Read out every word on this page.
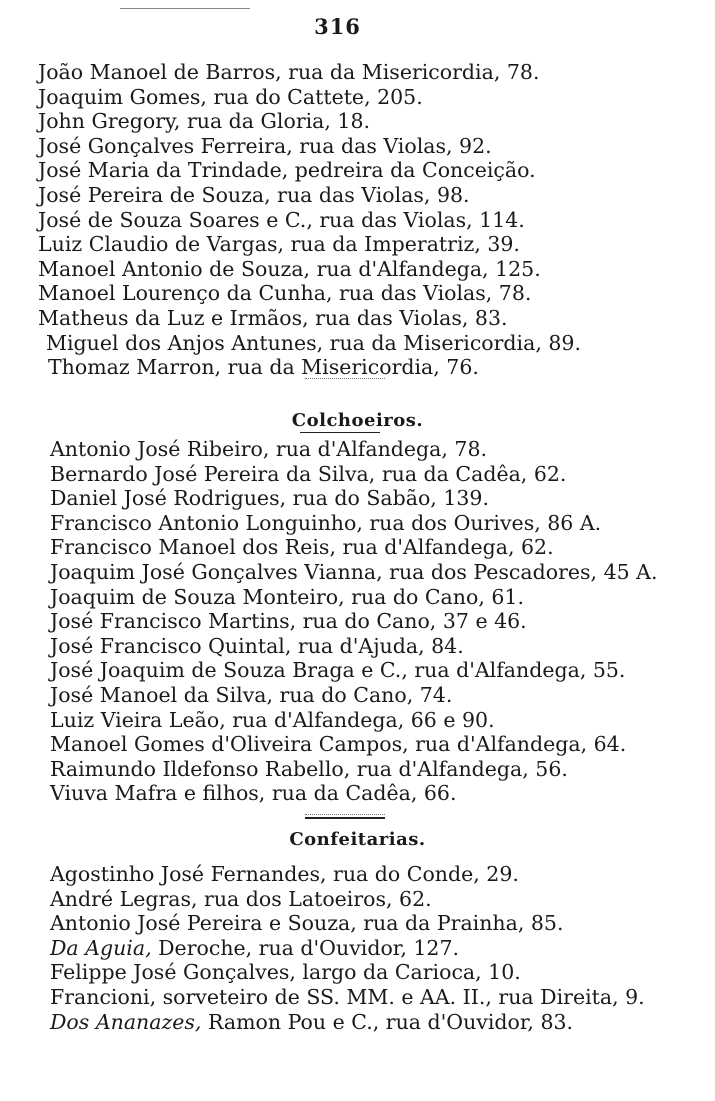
316
João Manoel de Barros, rua da Misericordia, 78.
Joaquim Gomes, rua do Cattete, 205.
John Gregory, rua da Gloria, 18.
José Gonçalves Ferreira, rua das Violas, 92.
José Maria da Trindade, pedreira da Conceição.
José Pereira de Souza, rua das Violas, 98.
José de Souza Soares e C., rua das Violas, 114.
Luiz Claudio de Vargas, rua da Imperatriz, 39.
Manoel Antonio de Souza, rua d'Alfandega, 125.
Manoel Lourenço da Cunha, rua das Violas, 78.
Matheus da Luz e Irmãos, rua das Violas, 83.
Miguel dos Anjos Antunes, rua da Misericordia, 89.
Thomaz Marron, rua da Misericordia, 76.
Colchoeiros.
Antonio José Ribeiro, rua d'Alfandega, 78.
Bernardo José Pereira da Silva, rua da Cadêa, 62.
Daniel José Rodrigues, rua do Sabão, 139.
Francisco Antonio Longuinho, rua dos Ourives, 86 A.
Francisco Manoel dos Reis, rua d'Alfandega, 62.
Joaquim José Gonçalves Vianna, rua dos Pescadores, 45 A.
Joaquim de Souza Monteiro, rua do Cano, 61.
José Francisco Martins, rua do Cano, 37 e 46.
José Francisco Quintal, rua d'Ajuda, 84.
José Joaquim de Souza Braga e C., rua d'Alfandega, 55.
José Manoel da Silva, rua do Cano, 74.
Luiz Vieira Leão, rua d'Alfandega, 66 e 90.
Manoel Gomes d'Oliveira Campos, rua d'Alfandega, 64.
Raimundo Ildefonso Rabello, rua d'Alfandega, 56.
Viuva Mafra e filhos, rua da Cadêa, 66.
Confeitarias.
Agostinho José Fernandes, rua do Conde, 29.
André Legras, rua dos Latoeiros, 62.
Antonio José Pereira e Souza, rua da Prainha, 85.
Da Aguia, Deroche, rua d'Ouvidor, 127.
Felippe José Gonçalves, largo da Carioca, 10.
Francioni, sorveteiro de SS. MM. e AA. II., rua Direita, 9.
Dos Ananazes, Ramon Pou e C., rua d'Ouvidor, 83.
